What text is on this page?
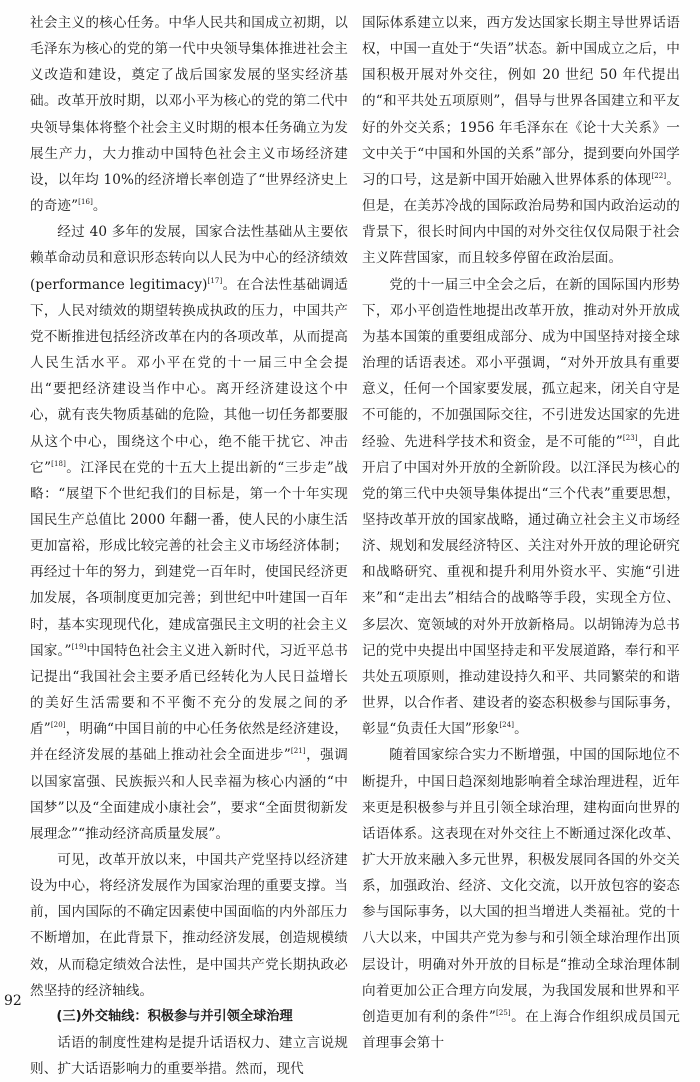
社会主义的核心任务。中华人民共和国成立初期，以毛泽东为核心的党的第一代中央领导集体推进社会主义改造和建设，奠定了战后国家发展的坚实经济基础。改革开放时期，以邓小平为核心的党的第二代中央领导集体将整个社会主义时期的根本任务确立为发展生产力，大力推动中国特色社会主义市场经济建设，以年均 10%的经济增长率创造了“世界经济史上的奇迹”[16]。

经过 40 多年的发展，国家合法性基础从主要依赖革命动员和意识形态转向以人民为中心的经济绩效(performance legitimacy)[17]。在合法性基础调适下，人民对绩效的期望转换成执政的压力，中国共产党不断推进包括经济改革在内的各项改革，从而提高人民生活水平。邓小平在党的十一届三中全会提出“要把经济建设当作中心。离开经济建设这个中心，就有丧失物质基础的危险，其他一切任务都要服从这个中心，围绕这个中心，绝不能干扰它、冲击它”[18]。江泽民在党的十五大上提出新的“三步走”战略：“展望下个世纪我们的目标是，第一个十年实现国民生产总值比 2000 年翻一番，使人民的小康生活更加富裕，形成比较完善的社会主义市场经济体制；再经过十年的努力，到建党一百年时，使国民经济更加发展，各项制度更加完善；到世纪中叶建国一百年时，基本实现现代化，建成富强民主文明的社会主义国家。”[19]中国特色社会主义进入新时代，习近平总书记提出“我国社会主要矛盾已经转化为人民日益增长的美好生活需要和不平衡不充分的发展之间的矛盾”[20]，明确“中国目前的中心任务依然是经济建设，并在经济发展的基础上推动社会全面进步”[21]，强调以国家富强、民族振兴和人民幸福为核心内涵的“中国梦”以及“全面建成小康社会”，要求“全面贯彻新发展理念”“推动经济高质量发展”。

可见，改革开放以来，中国共产党坚持以经济建设为中心，将经济发展作为国家治理的重要支撑。当前，国内国际的不确定因素使中国面临的内外部压力不断增加，在此背景下，推动经济发展，创造规模绩效，从而稳定绩效合法性，是中国共产党长期执政必然坚持的经济轴线。

(三)外交轴线：积极参与并引领全球治理

话语的制度性建构是提升话语权力、建立言说规则、扩大话语影响力的重要举措。然而，现代

国际体系建立以来，西方发达国家长期主导世界话语权，中国一直处于“失语”状态。新中国成立之后，中国积极开展对外交往，例如 20 世纪 50 年代提出的“和平共处五项原则”，倡导与世界各国建立和平友好的外交关系；1956 年毛泽东在《论十大关系》一文中关于“中国和外国的关系”部分，提到要向外国学习的口号，这是新中国开始融入世界体系的体现[22]。但是，在美苏冷战的国际政治局势和国内政治运动的背景下，很长时间内中国的对外交往仅仅局限于社会主义阵营国家，而且较多停留在政治层面。

党的十一届三中全会之后，在新的国际国内形势下，邓小平创造性地提出改革开放，推动对外开放成为基本国策的重要组成部分、成为中国坚持对接全球治理的话语表述。邓小平强调，“对外开放具有重要意义，任何一个国家要发展，孤立起来，闭关自守是不可能的，不加强国际交往，不引进发达国家的先进经验、先进科学技术和资金，是不可能的”[23]，自此开启了中国对外开放的全新阶段。以江泽民为核心的党的第三代中央领导集体提出“三个代表”重要思想，坚持改革开放的国家战略，通过确立社会主义市场经济、规划和发展经济特区、关注对外开放的理论研究和战略研究、重视和提升利用外资水平、实施“引进来”和“走出去”相结合的战略等手段，实现全方位、多层次、宽领域的对外开放新格局。以胡锦涛为总书记的党中央提出中国坚持走和平发展道路，奉行和平共处五项原则，推动建设持久和平、共同繁荣的和谐世界，以合作者、建设者的姿态积极参与国际事务，彰显“负责任大国”形象[24]。

随着国家综合实力不断增强，中国的国际地位不断提升，中国日趋深刻地影响着全球治理进程，近年来更是积极参与并且引领全球治理，建构面向世界的话语体系。这表现在对外交往上不断通过深化改革、扩大开放来融入多元世界，积极发展同各国的外交关系，加强政治、经济、文化交流，以开放包容的姿态参与国际事务，以大国的担当增进人类福祉。党的十八大以来，中国共产党为参与和引领全球治理作出顶层设计，明确对外开放的目标是“推动全球治理体制向着更加公正合理方向发展，为我国发展和世界和平创造更加有利的条件”[25]。在上海合作组织成员国元首理事会第十

92
